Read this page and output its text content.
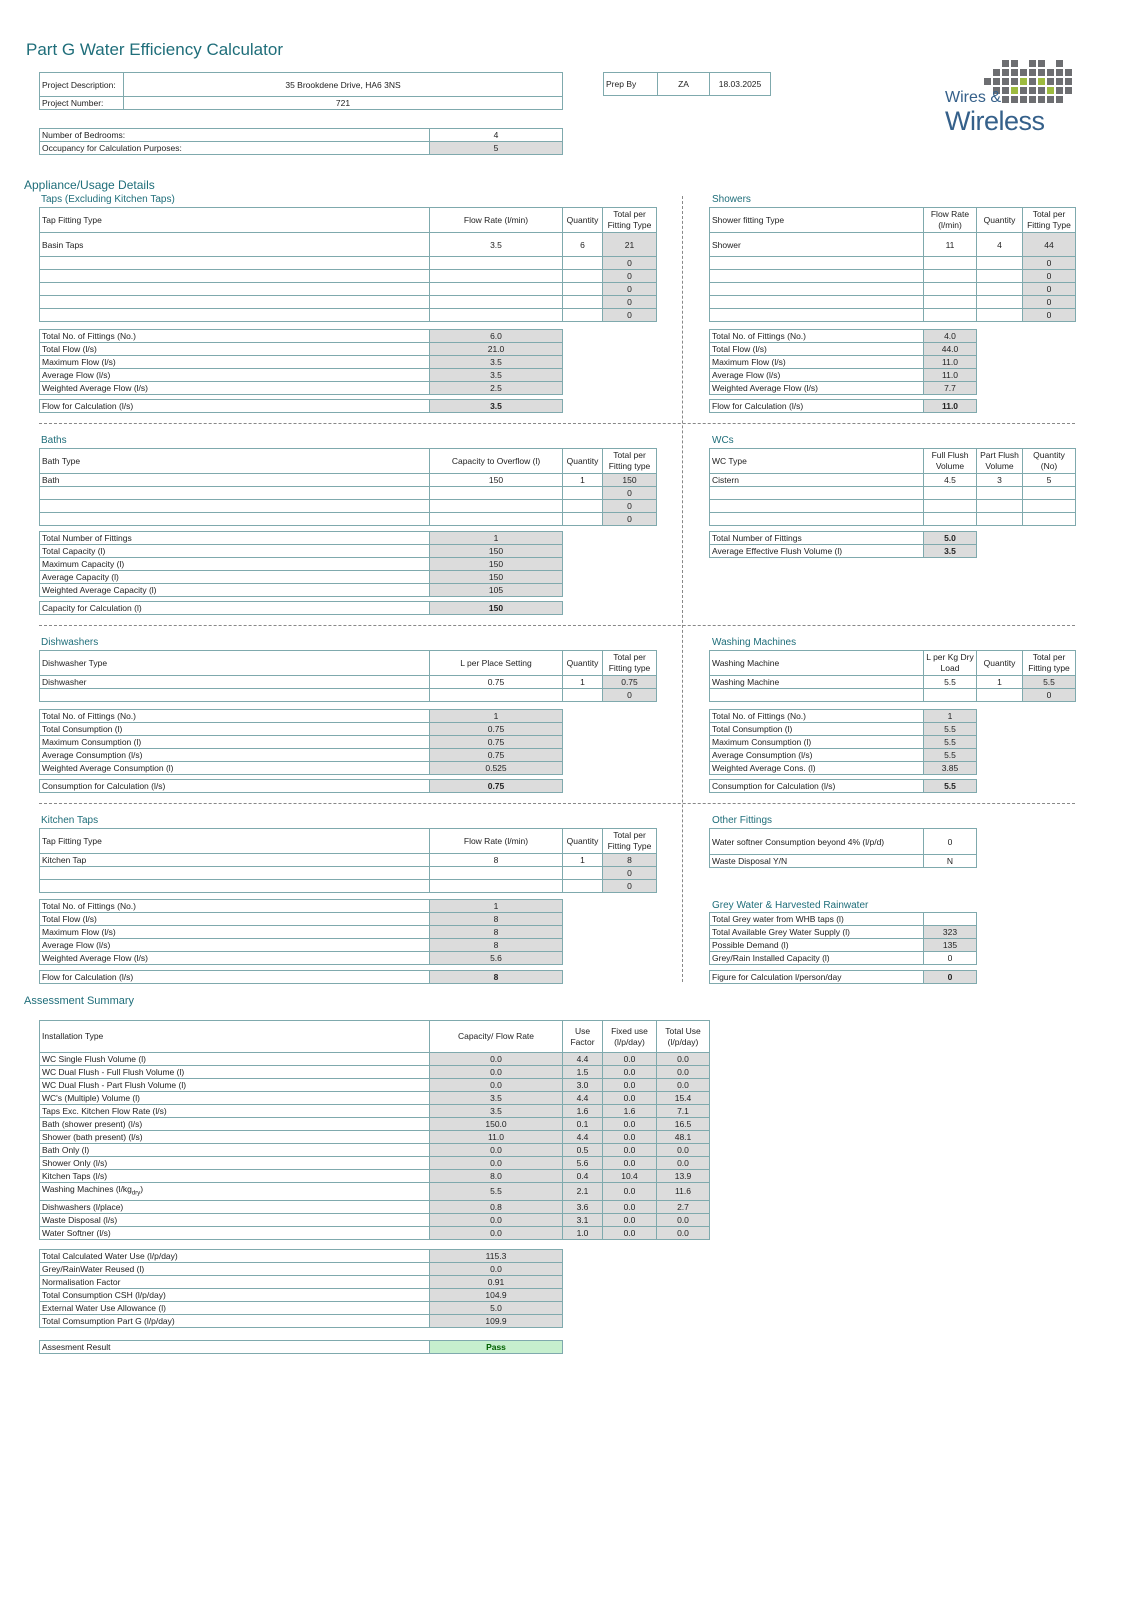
Part G Water Efficiency Calculator
Project Description:	35 Brookdene Drive, HA6 3NS
Project Number:	721
Prep By	ZA	18.03.2025
Wires &
Wireless
Number of Bedrooms:	4
Occupancy for Calculation Purposes:	5
Appliance/Usage Details
Taps (Excluding Kitchen Taps)
Tap Fitting Type	Flow Rate (l/min)	Quantity	Total per Fitting Type
Basin Taps	3.5	6	21
			0
			0
			0
			0
			0
Total No. of Fittings (No.)	6.0
Total Flow (l/s)	21.0
Maximum Flow (l/s)	3.5
Average Flow (l/s)	3.5
Weighted Average Flow (l/s)	2.5
Flow for Calculation (l/s)	3.5
Showers
Shower fitting Type	Flow Rate (l/min)	Quantity	Total per Fitting Type
Shower	11	4	44
			0
			0
			0
			0
			0
Total No. of Fittings (No.)	4.0
Total Flow (l/s)	44.0
Maximum Flow (l/s)	11.0
Average Flow (l/s)	11.0
Weighted Average Flow (l/s)	7.7
Flow for Calculation (l/s)	11.0
Baths
Bath Type	Capacity to Overflow (l)	Quantity	Total per Fitting type
Bath	150	1	150
			0
			0
			0
Total Number of Fittings	1
Total Capacity (l)	150
Maximum Capacity (l)	150
Average Capacity (l)	150
Weighted Average Capacity (l)	105
Capacity for Calculation (l)	150
WCs
WC Type	Full Flush Volume	Part Flush Volume	Quantity (No)
Cistern	4.5	3	5

Total Number of Fittings	5.0
Average Effective Flush Volume (l)	3.5
Dishwashers
Dishwasher Type	L per Place Setting	Quantity	Total per Fitting type
Dishwasher	0.75	1	0.75
			0
Total No. of Fittings (No.)	1
Total Consumption (l)	0.75
Maximum Consumption (l)	0.75
Average Consumption (l/s)	0.75
Weighted Average Consumption (l)	0.525
Consumption for Calculation (l/s)	0.75
Washing Machines
Washing Machine	L per Kg Dry Load	Quantity	Total per Fitting type
Washing Machine	5.5	1	5.5
			0
Total No. of Fittings (No.)	1
Total Consumption (l)	5.5
Maximum Consumption (l)	5.5
Average Consumption (l/s)	5.5
Weighted Average Cons. (l)	3.85
Consumption for Calculation (l/s)	5.5
Kitchen Taps
Tap Fitting Type	Flow Rate (l/min)	Quantity	Total per Fitting Type
Kitchen Tap	8	1	8
			0
			0
Total No. of Fittings (No.)	1
Total Flow (l/s)	8
Maximum Flow (l/s)	8
Average Flow (l/s)	8
Weighted Average Flow (l/s)	5.6
Flow for Calculation (l/s)	8
Other Fittings
Water softner Consumption beyond 4% (l/p/d)	0
Waste Disposal Y/N	N
Grey Water & Harvested Rainwater
Total Grey water from WHB taps (l)	
Total Available Grey Water Supply (l)	323
Possible Demand (l)	135
Grey/Rain Installed Capacity (l)	0
Figure for Calculation l/person/day	0
Assessment Summary
Installation Type	Capacity/ Flow Rate	Use Factor	Fixed use (l/p/day)	Total Use (l/p/day)
WC Single Flush Volume (l)	0.0	4.4	0.0	0.0
WC Dual Flush - Full Flush Volume (l)	0.0	1.5	0.0	0.0
WC Dual Flush - Part Flush Volume (l)	0.0	3.0	0.0	0.0
WC's (Multiple) Volume (l)	3.5	4.4	0.0	15.4
Taps Exc. Kitchen Flow Rate (l/s)	3.5	1.6	1.6	7.1
Bath (shower present) (l/s)	150.0	0.1	0.0	16.5
Shower (bath present) (l/s)	11.0	4.4	0.0	48.1
Bath Only (l)	0.0	0.5	0.0	0.0
Shower Only (l/s)	0.0	5.6	0.0	0.0
Kitchen Taps (l/s)	8.0	0.4	10.4	13.9
Washing Machines $(l/kg_{dry})$	5.5	2.1	0.0	11.6
Dishwashers (l/place)	0.8	3.6	0.0	2.7
Waste Disposal (l/s)	0.0	3.1	0.0	0.0
Water Softner (l/s)	0.0	1.0	0.0	0.0
Total Calculated Water Use (l/p/day)	115.3
Grey/RainWater Reused (l)	0.0
Normalisation Factor	0.91
Total Consumption CSH (l/p/day)	104.9
External Water Use Allowance (l)	5.0
Total Comsumption Part G (l/p/day)	109.9
Assesment Result	Pass
